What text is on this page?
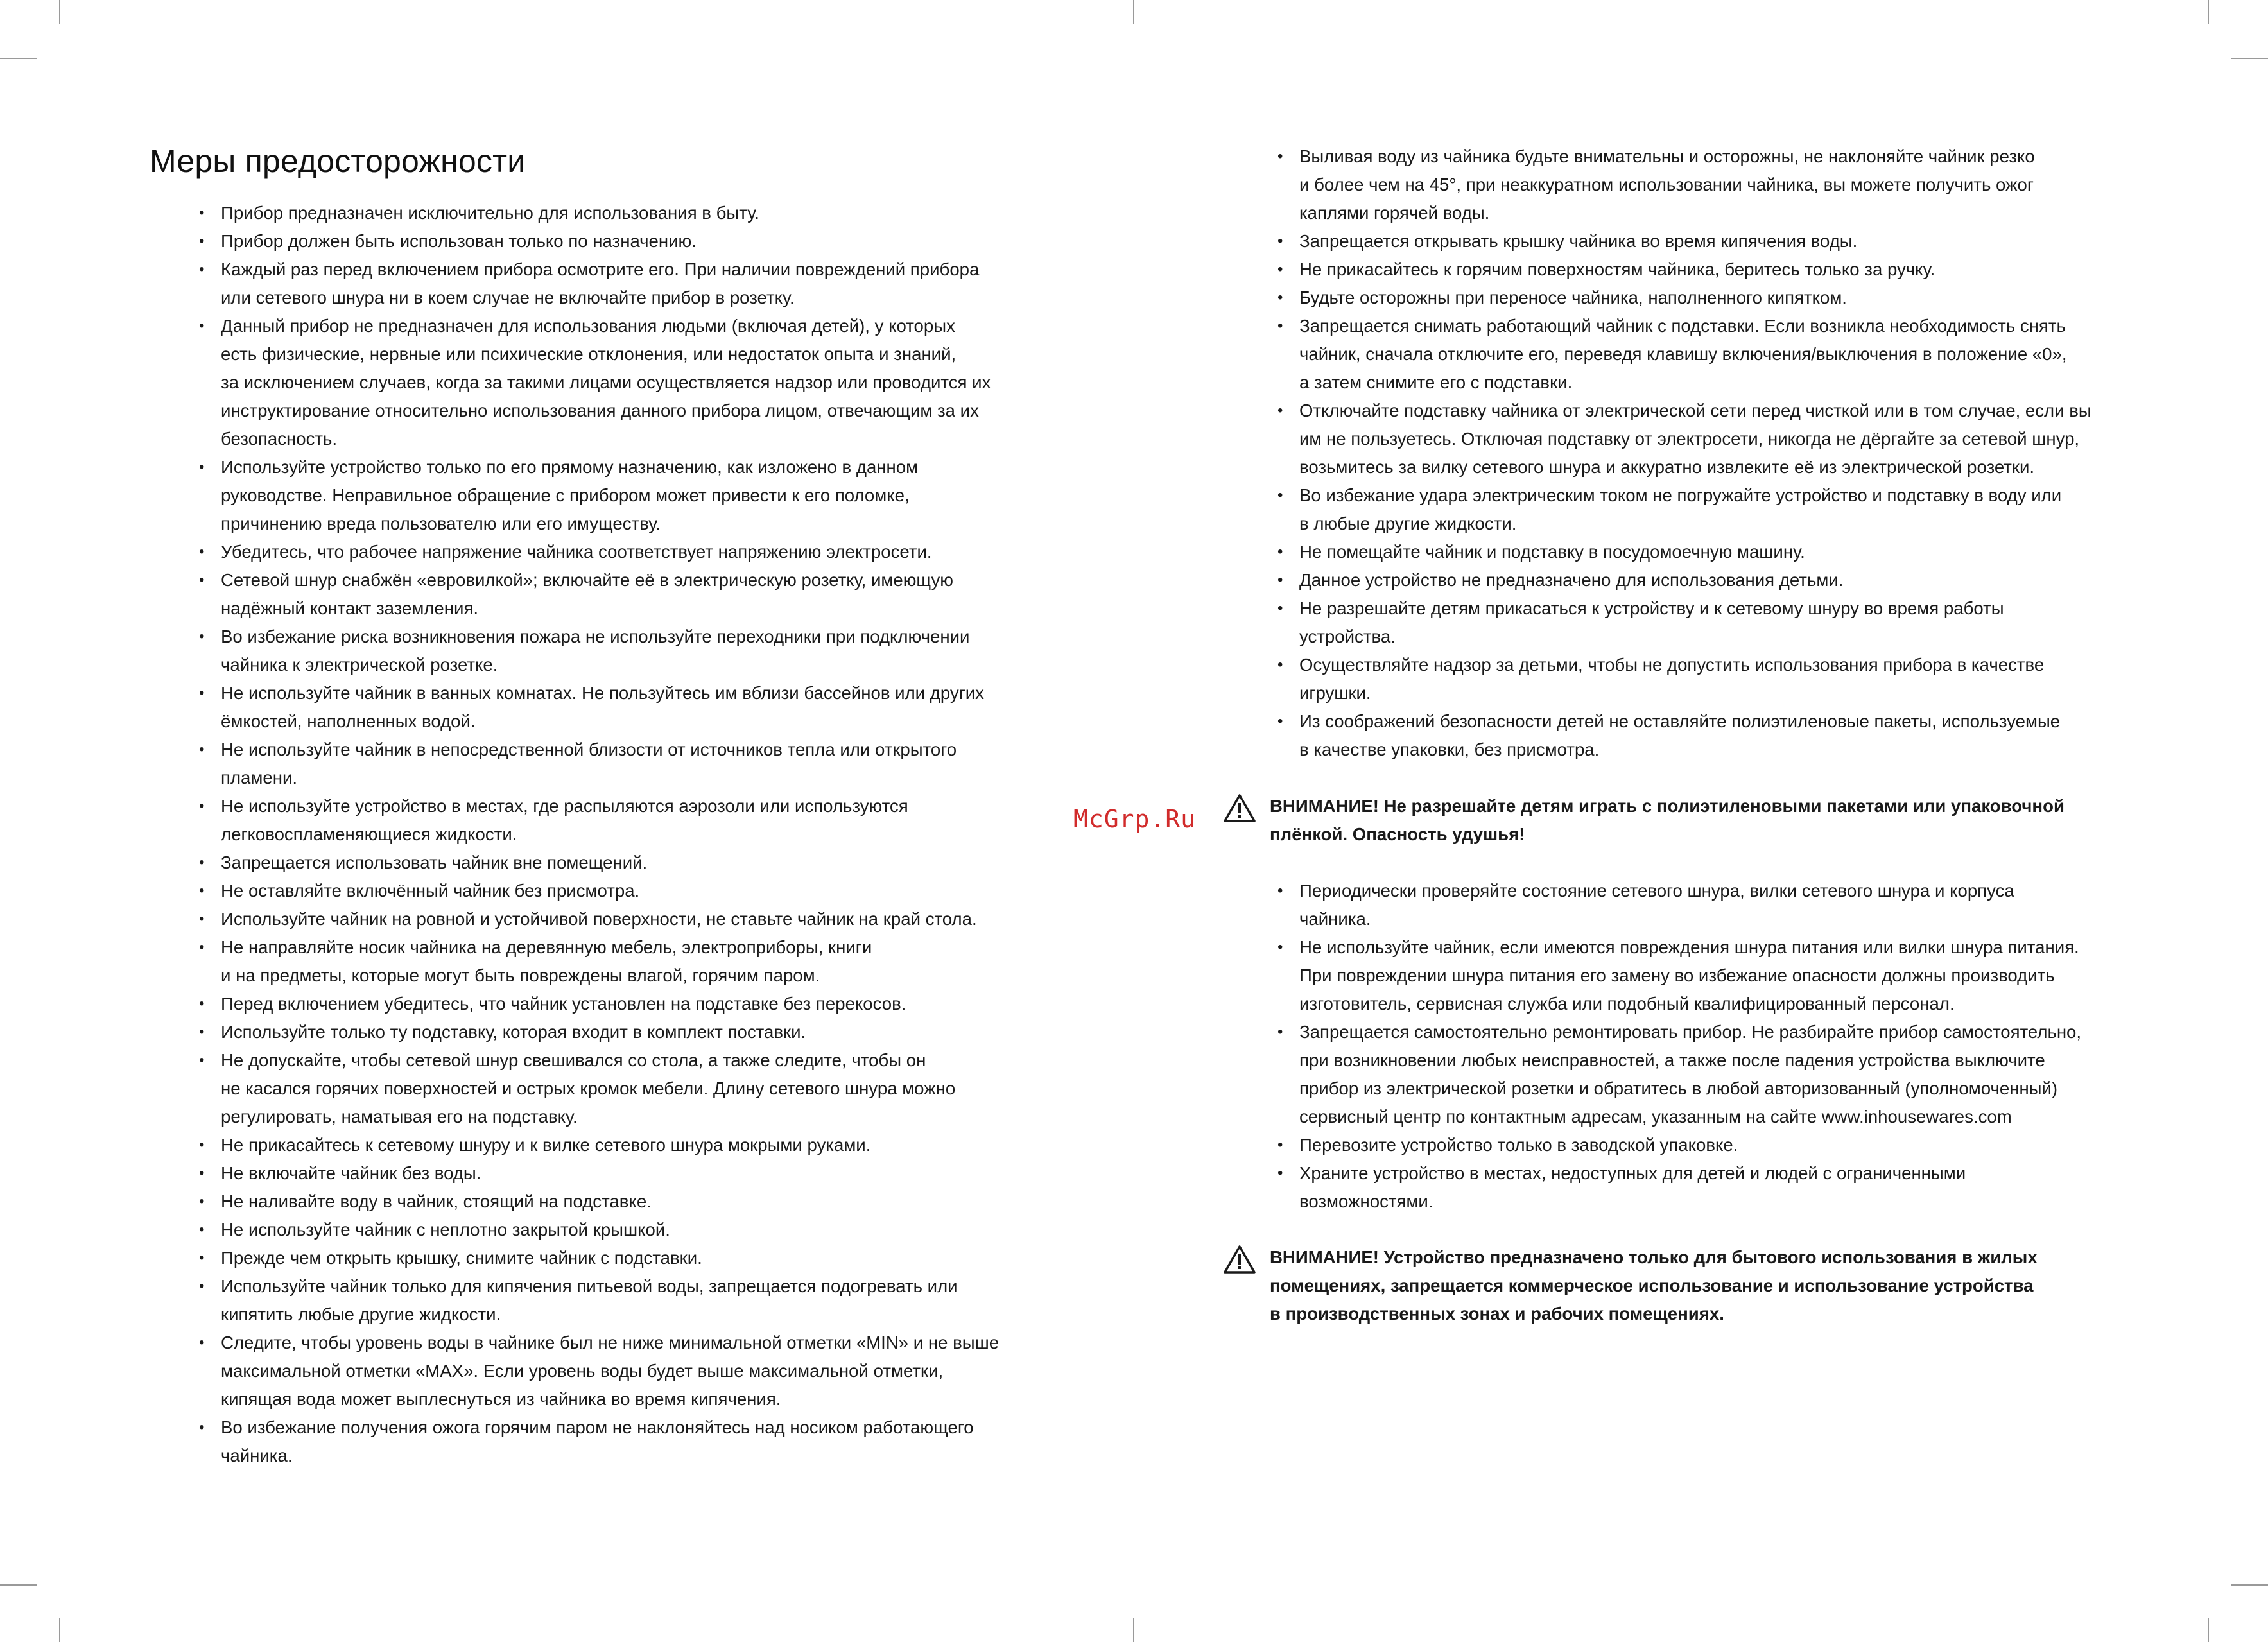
Меры предосторожности
• Прибор предназначен исключительно для использования в быту.
• Прибор должен быть использован только по назначению.
• Каждый раз перед включением прибора осмотрите его. При наличии повреждений прибора
или сетевого шнура ни в коем случае не включайте прибор в розетку.
• Данный прибор не предназначен для использования людьми (включая детей), у которых
есть физические, нервные или психические отклонения, или недостаток опыта и знаний,
за исключением случаев, когда за такими лицами осуществляется надзор или проводится их
инструктирование относительно использования данного прибора лицом, отвечающим за их
безопасность.
• Используйте устройство только по его прямому назначению, как изложено в данном
руководстве. Неправильное обращение с прибором может привести к его поломке,
причинению вреда пользователю или его имуществу.
• Убедитесь, что рабочее напряжение чайника соответствует напряжению электросети.
• Сетевой шнур снабжён «евровилкой»; включайте её в электрическую розетку, имеющую
надёжный контакт заземления.
• Во избежание риска возникновения пожара не используйте переходники при подключении
чайника к электрической розетке.
• Не используйте чайник в ванных комнатах. Не пользуйтесь им вблизи бассейнов или других
ёмкостей, наполненных водой.
• Не используйте чайник в непосредственной близости от источников тепла или открытого
пламени.
• Не используйте устройство в местах, где распыляются аэрозоли или используются
легковоспламеняющиеся жидкости.
• Запрещается использовать чайник вне помещений.
• Не оставляйте включённый чайник без присмотра.
• Используйте чайник на ровной и устойчивой поверхности, не ставьте чайник на край стола.
• Не направляйте носик чайника на деревянную мебель, электроприборы, книги
и на предметы, которые могут быть повреждены влагой, горячим паром.
• Перед включением убедитесь, что чайник установлен на подставке без перекосов.
• Используйте только ту подставку, которая входит в комплект поставки.
• Не допускайте, чтобы сетевой шнур свешивался со стола, а также следите, чтобы он
не касался горячих поверхностей и острых кромок мебели. Длину сетевого шнура можно
регулировать, наматывая его на подставку.
• Не прикасайтесь к сетевому шнуру и к вилке сетевого шнура мокрыми руками.
• Не включайте чайник без воды.
• Не наливайте воду в чайник, стоящий на подставке.
• Не используйте чайник с неплотно закрытой крышкой.
• Прежде чем открыть крышку, снимите чайник с подставки.
• Используйте чайник только для кипячения питьевой воды, запрещается подогревать или
кипятить любые другие жидкости.
• Следите, чтобы уровень воды в чайнике был не ниже минимальной отметки «MIN» и не выше
максимальной отметки «MAX». Если уровень воды будет выше максимальной отметки,
кипящая вода может выплеснуться из чайника во время кипячения.
• Во избежание получения ожога горячим паром не наклоняйтесь над носиком работающего
чайника.
• Выливая воду из чайника будьте внимательны и осторожны, не наклоняйте чайник резко
и более чем на 45°, при неаккуратном использовании чайника, вы можете получить ожог
каплями горячей воды.
• Запрещается открывать крышку чайника во время кипячения воды.
• Не прикасайтесь к горячим поверхностям чайника, беритесь только за ручку.
• Будьте осторожны при переносе чайника, наполненного кипятком.
• Запрещается снимать работающий чайник с подставки. Если возникла необходимость снять
чайник, сначала отключите его, переведя клавишу включения/выключения в положение «0»,
а затем снимите его с подставки.
• Отключайте подставку чайника от электрической сети перед чисткой или в том случае, если вы
им не пользуетесь. Отключая подставку от электросети, никогда не дёргайте за сетевой шнур,
возьмитесь за вилку сетевого шнура и аккуратно извлеките её из электрической розетки.
• Во избежание удара электрическим током не погружайте устройство и подставку в воду или
в любые другие жидкости.
• Не помещайте чайник и подставку в посудомоечную машину.
• Данное устройство не предназначено для использования детьми.
• Не разрешайте детям прикасаться к устройству и к сетевому шнуру во время работы
устройства.
• Осуществляйте надзор за детьми, чтобы не допустить использования прибора в качестве
игрушки.
• Из соображений безопасности детей не оставляйте полиэтиленовые пакеты, используемые
в качестве упаковки, без присмотра.
ВНИМАНИЕ! Не разрешайте детям играть с полиэтиленовыми пакетами или упаковочной
плёнкой. Опасность удушья!
McGrp.Ru
• Периодически проверяйте состояние сетевого шнура, вилки сетевого шнура и корпуса
чайника.
• Не используйте чайник, если имеются повреждения шнура питания или вилки шнура питания.
При повреждении шнура питания его замену во избежание опасности должны производить
изготовитель, сервисная служба или подобный квалифицированный персонал.
• Запрещается самостоятельно ремонтировать прибор. Не разбирайте прибор самостоятельно,
при возникновении любых неисправностей, а также после падения устройства выключите
прибор из электрической розетки и обратитесь в любой авторизованный (уполномоченный)
сервисный центр по контактным адресам, указанным на сайте www.inhousewares.com
• Перевозите устройство только в заводской упаковке.
• Храните устройство в местах, недоступных для детей и людей с ограниченными
возможностями.
ВНИМАНИЕ! Устройство предназначено только для бытового использования в жилых
помещениях, запрещается коммерческое использование и использование устройства
в производственных зонах и рабочих помещениях.
